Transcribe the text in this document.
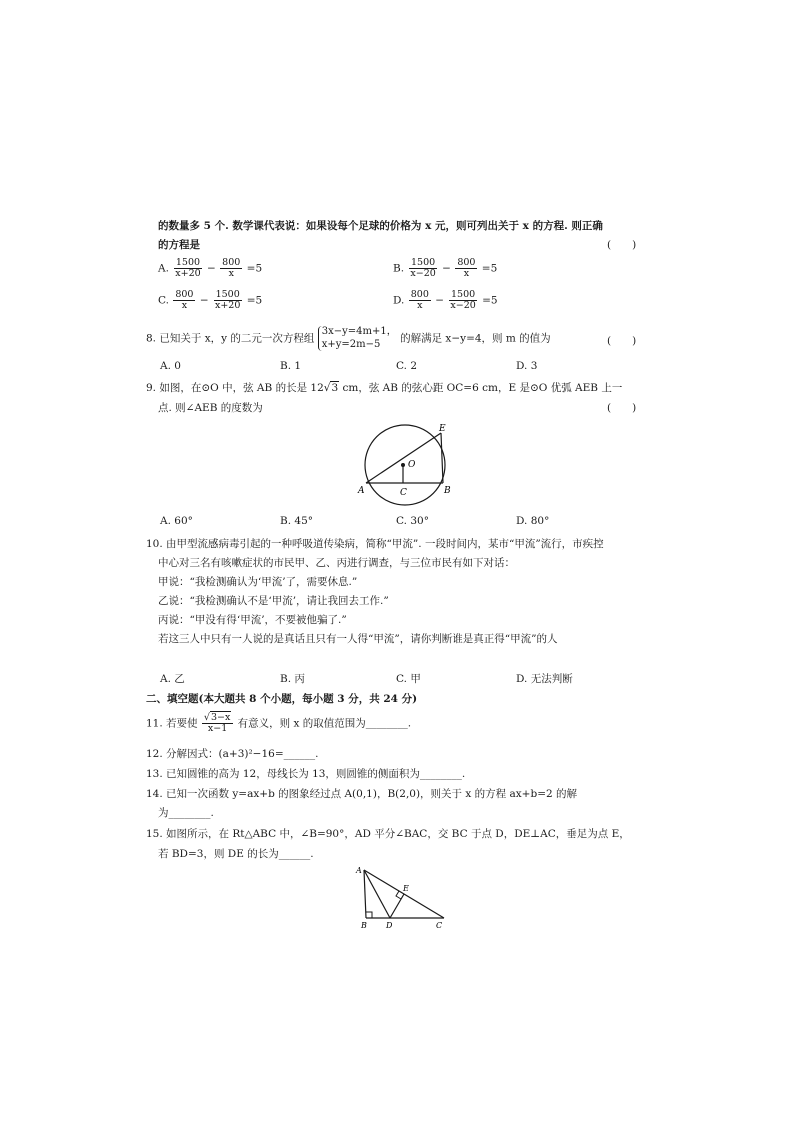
的数量多 5 个. 数学课代表说：如果设每个足球的价格为 x 元，则可列出关于 x 的方程. 则正确
的方程是	(　　)
A. $\frac{1500}{x+20} - \frac{800}{x} =5$	B. $\frac{1500}{x-20} - \frac{800}{x} =5$
C. $\frac{800}{x} - \frac{1500}{x+20} =5$	D. $\frac{800}{x} - \frac{1500}{x-20} =5$
8. 已知关于 x，y 的二元一次方程组
3x−y=4m+1，
x+y=2m−5	的解满足 x−y=4，则 m 的值为	(　　)
A. 0	B. 1	C. 2	D. 3
9. 如图，在⊙O 中，弦 AB 的长是 12√3 cm，弦 AB 的弦心距 OC=6 cm，E 是⊙O 优弧 AEB 上一
点. 则∠AEB 的度数为	(　　)
O
A	B
C
E
A. 60°	B. 45°	C. 30°	D. 80°
10. 由甲型流感病毒引起的一种呼吸道传染病，简称“甲流”. 一段时间内，某市“甲流”流行，市疾控
中心对三名有咳嗽症状的市民甲、乙、丙进行调查，与三位市民有如下对话：
甲说：“我检测确认为‘甲流’了，需要休息.”
乙说：“我检测确认不是‘甲流’，请让我回去工作.”
丙说：“甲没有得‘甲流’，不要被他骗了.”
若这三人中只有一人说的是真话且只有一人得“甲流”，请你判断谁是真正得“甲流”的人
A. 乙	B. 丙	C. 甲	D. 无法判断
二、填空题(本大题共 8 个小题，每小题 3 分，共 24 分)
11. 若要使 $\frac{√3-x}{x-1}$ 有意义，则 x 的取值范围为________.
12. 分解因式：(a+3)²−16=______.
13. 已知圆锥的高为 12，母线长为 13，则圆锥的侧面积为________.
14. 已知一次函数 y=ax+b 的图象经过点 A(0,1)，B(2,0)，则关于 x 的方程 ax+b=2 的解
为________.
15. 如图所示，在 Rt△ABC 中，∠B=90°，AD 平分∠BAC，交 BC 于点 D，DE⊥AC，垂足为点 E，
若 BD=3，则 DE 的长为______.
A
B D	C
E
